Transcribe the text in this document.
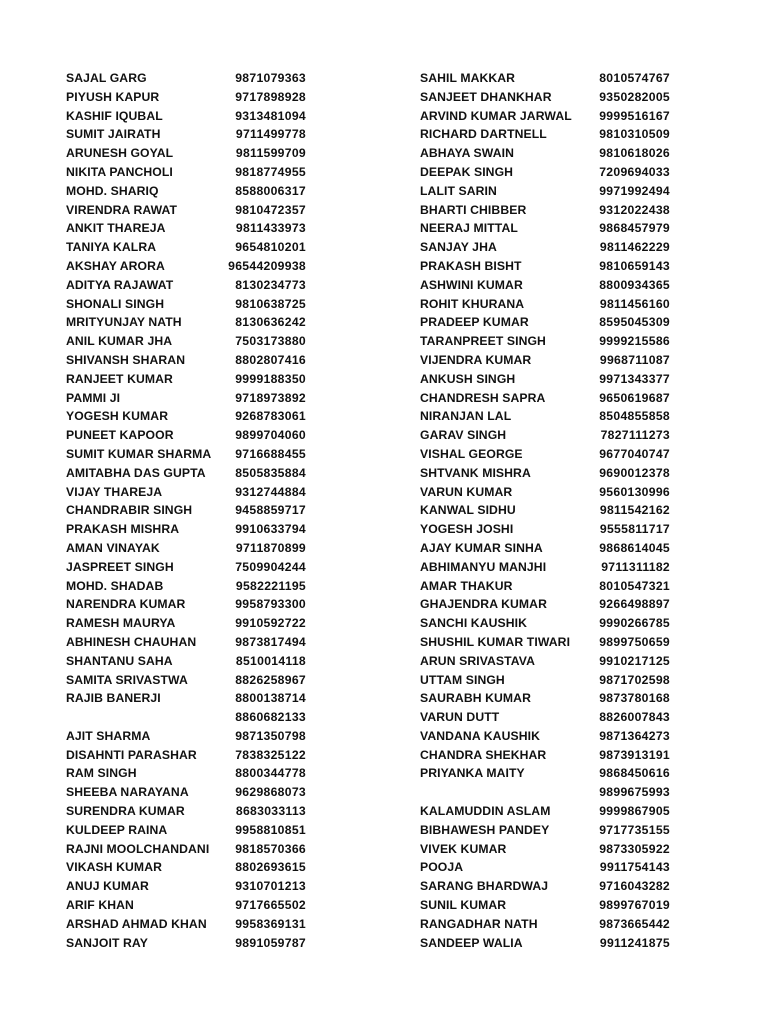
SAJAL GARG	9871079363
PIYUSH KAPUR	9717898928
KASHIF IQUBAL	9313481094
SUMIT JAIRATH	9711499778
ARUNESH GOYAL	9811599709
NIKITA PANCHOLI	9818774955
MOHD. SHARIQ	8588006317
VIRENDRA RAWAT	9810472357
ANKIT THAREJA	9811433973
TANIYA KALRA	9654810201
AKSHAY ARORA	96544209938
ADITYA RAJAWAT	8130234773
SHONALI SINGH	9810638725
MRITYUNJAY NATH	8130636242
ANIL KUMAR JHA	7503173880
SHIVANSH SHARAN	8802807416
RANJEET KUMAR	9999188350
PAMMI JI	9718973892
YOGESH KUMAR	9268783061
PUNEET KAPOOR	9899704060
SUMIT KUMAR SHARMA 9716688455
AMITABHA DAS GUPTA 8505835884
VIJAY THAREJA	9312744884
CHANDRABIR SINGH	9458859717
PRAKASH MISHRA	9910633794
AMAN VINAYAK	9711870899
JASPREET SINGH	7509904244
MOHD. SHADAB	9582221195
NARENDRA KUMAR	9958793300
RAMESH MAURYA	9910592722
ABHINESH CHAUHAN	9873817494
SHANTANU SAHA	8510014118
SAMITA SRIVASTWA	8826258967
RAJIB BANERJI	8800138714
8860682133
AJIT SHARMA	9871350798
DISAHNTI PARASHAR	7838325122
RAM SINGH	8800344778
SHEEBA NARAYANA	9629868073
SURENDRA KUMAR	8683033113
KULDEEP RAINA	9958810851
RAJNI MOOLCHANDANI 9818570366
VIKASH KUMAR	8802693615
ANUJ KUMAR	9310701213
ARIF KHAN	9717665502
ARSHAD AHMAD KHAN 9958369131
SANJOIT RAY	9891059787
SAHIL MAKKAR	8010574767
SANJEET DHANKHAR	9350282005
ARVIND KUMAR JARWAL 9999516167
RICHARD DARTNELL	9810310509
ABHAYA SWAIN	9810618026
DEEPAK SINGH	7209694033
LALIT SARIN	9971992494
BHARTI CHIBBER	9312022438
NEERAJ MITTAL	9868457979
SANJAY JHA	9811462229
PRAKASH BISHT	9810659143
ASHWINI KUMAR	8800934365
ROHIT KHURANA	9811456160
PRADEEP KUMAR	8595045309
TARANPREET SINGH	9999215586
VIJENDRA KUMAR	9968711087
ANKUSH SINGH	9971343377
CHANDRESH SAPRA	9650619687
NIRANJAN LAL	8504855858
GARAV SINGH	7827111273
VISHAL GEORGE	9677040747
SHTVANK MISHRA	9690012378
VARUN KUMAR	9560130996
KANWAL SIDHU	9811542162
YOGESH JOSHI	9555811717
AJAY KUMAR SINHA	9868614045
ABHIMANYU MANJHI	9711311182
AMAR THAKUR	8010547321
GHAJENDRA KUMAR	9266498897
SANCHI KAUSHIK	9990266785
SHUSHIL KUMAR TIWARI 9899750659
ARUN SRIVASTAVA	9910217125
UTTAM SINGH	9871702598
SAURABH KUMAR	9873780168
VARUN DUTT	8826007843
VANDANA KAUSHIK	9871364273
CHANDRA SHEKHAR	9873913191
PRIYANKA MAITY	9868450616
9899675993
KALAMUDDIN ASLAM	9999867905
BIBHAWESH PANDEY	9717735155
VIVEK KUMAR	9873305922
POOJA	9911754143
SARANG BHARDWAJ	9716043282
SUNIL KUMAR	9899767019
RANGADHAR NATH	9873665442
SANDEEP WALIA	9911241875
